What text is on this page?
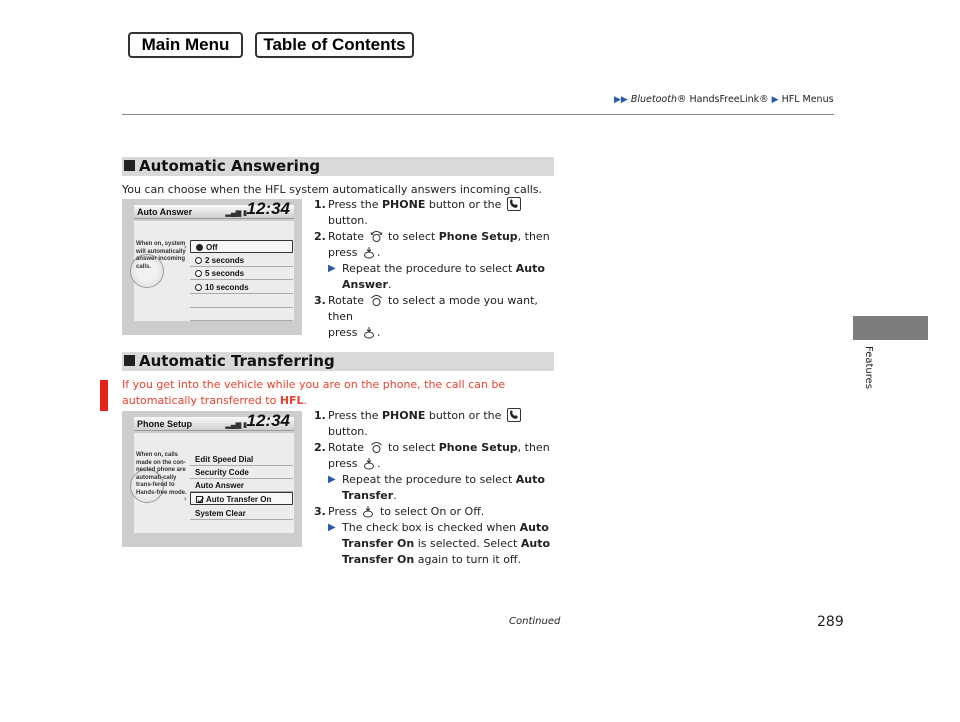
Main Menu	Table of Contents
▶▶ Bluetooth® HandsFreeLink® ▶ HFL Menus
Features
Automatic Answering
You can choose when the HFL system automatically answers incoming calls.
Auto Answer	▂▄▆ ▮ 12:34
When on, system will automatically answer incoming calls.
›	Off
2 seconds
5 seconds
10 seconds
1. Press the PHONE button or the
button.
2. Rotate  to select Phone Setup, then
press .
▶ Repeat the procedure to select Auto Answer.
3. Rotate  to select a mode you want, then
press .
Automatic Transferring
If you get into the vehicle while you are on the phone, the call can be automatically transferred to HFL.
Phone Setup	▂▄▆ ▮ 12:34
When on, calls made on the con-nected phone are automati-cally trans-fered to Hands-free mode.
›
Edit Speed Dial
Security Code
Auto Answer
Auto Transfer On
System Clear
1. Press the PHONE button or the
button.
2. Rotate  to select Phone Setup, then
press .
▶ Repeat the procedure to select Auto Transfer.
3. Press  to select On or Off.
▶ The check box is checked when Auto Transfer On is selected. Select Auto Transfer On again to turn it off.
Continued	289
